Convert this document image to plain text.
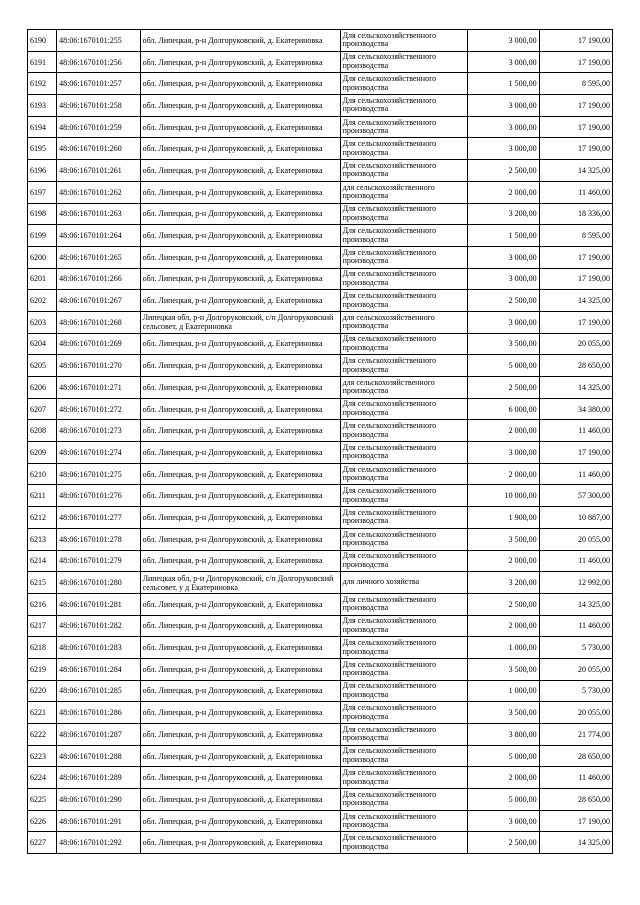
6190	48:06:1670101:255	обл. Липецкая, р-н Долгоруковский, д. Екатериновка	Для сельскохозяйственного производства	3 000,00	17 190,00
6191	48:06:1670101:256	обл. Липецкая, р-н Долгоруковский, д. Екатериновка	Для сельскохозяйственного производства	3 000,00	17 190,00
6192	48:06:1670101:257	обл. Липецкая, р-н Долгоруковский, д. Екатериновка	Для сельскохозяйственного производства	1 500,00	8 595,00
6193	48:06:1670101:258	обл. Липецкая, р-н Долгоруковский, д. Екатериновка	Для сельскохозяйственного производства	3 000,00	17 190,00
6194	48:06:1670101:259	обл. Липецкая, р-н Долгоруковский, д. Екатериновка	Для сельскохозяйственного производства	3 000,00	17 190,00
6195	48:06:1670101:260	обл. Липецкая, р-н Долгоруковский, д. Екатериновка	Для сельскохозяйственного производства	3 000,00	17 190,00
6196	48:06:1670101:261	обл. Липецкая, р-н Долгоруковский, д. Екатериновка	Для сельскохозяйственного производства	2 500,00	14 325,00
6197	48:06:1670101:262	обл. Липецкая, р-н Долгоруковский, д. Екатериновка	для сельскохозяйственного производства	2 000,00	11 460,00
6198	48:06:1670101:263	обл. Липецкая, р-н Долгоруковский, д. Екатериновка	Для сельскохозяйственного производства	3 200,00	18 336,00
6199	48:06:1670101:264	обл. Липецкая, р-н Долгоруковский, д. Екатериновка	Для сельскохозяйственного производства	1 500,00	8 595,00
6200	48:06:1670101:265	обл. Липецкая, р-н Долгоруковский, д. Екатериновка	Для сельскохозяйственного производства	3 000,00	17 190,00
6201	48:06:1670101:266	обл. Липецкая, р-н Долгоруковский, д. Екатериновка	Для сельскохозяйственного производства	3 000,00	17 190,00
6202	48:06:1670101:267	обл. Липецкая, р-н Долгоруковский, д. Екатериновка	Для сельскохозяйственного производства	2 500,00	14 325,00
6203	48:06:1670101:268	Липецкая обл, р-н Долгоруковский, с/п Долгоруковский сельсовет, д Екатериновка	для сельскохозяйственного производства	3 000,00	17 190,00
6204	48:06:1670101:269	обл. Липецкая, р-н Долгоруковский, д. Екатериновка	Для сельскохозяйственного производства	3 500,00	20 055,00
6205	48:06:1670101:270	обл. Липецкая, р-н Долгоруковский, д. Екатериновка	Для сельскохозяйственного производства	5 000,00	28 650,00
6206	48:06:1670101:271	обл. Липецкая, р-н Долгоруковский, д. Екатериновка	для сельскохозяйственного производства	2 500,00	14 325,00
6207	48:06:1670101:272	обл. Липецкая, р-н Долгоруковский, д. Екатериновка	Для сельскохозяйственного производства	6 000,00	34 380,00
6208	48:06:1670101:273	обл. Липецкая, р-н Долгоруковский, д. Екатериновка	Для сельскохозяйственного производства	2 000,00	11 460,00
6209	48:06:1670101:274	обл. Липецкая, р-н Долгоруковский, д. Екатериновка	Для сельскохозяйственного производства	3 000,00	17 190,00
6210	48:06:1670101:275	обл. Липецкая, р-н Долгоруковский, д. Екатериновка	Для сельскохозяйственного производства	2 000,00	11 460,00
6211	48:06:1670101:276	обл. Липецкая, р-н Долгоруковский, д. Екатериновка	Для сельскохозяйственного производства	10 000,00	57 300,00
6212	48:06:1670101:277	обл. Липецкая, р-н Долгоруковский, д. Екатериновка	Для сельскохозяйственного производства	1 900,00	10 887,00
6213	48:06:1670101:278	обл. Липецкая, р-н Долгоруковский, д. Екатериновка	Для сельскохозяйственного производства	3 500,00	20 055,00
6214	48:06:1670101:279	обл. Липецкая, р-н Долгоруковский, д. Екатериновка	Для сельскохозяйственного производства	2 000,00	11 460,00
6215	48:06:1670101:280	Липецкая обл, р-н Долгоруковский, с/п Долгоруковский сельсовет, у д Екатериновка	для личного хозяйства	3 200,00	12 992,00
6216	48:06:1670101:281	обл. Липецкая, р-н Долгоруковский, д. Екатериновка	Для сельскохозяйственного производства	2 500,00	14 325,00
6217	48:06:1670101:282	обл. Липецкая, р-н Долгоруковский, д. Екатериновка	Для сельскохозяйственного производства	2 000,00	11 460,00
6218	48:06:1670101:283	обл. Липецкая, р-н Долгоруковский, д. Екатериновка	Для сельскохозяйственного производства	1 000,00	5 730,00
6219	48:06:1670101:284	обл. Липецкая, р-н Долгоруковский, д. Екатериновка	Для сельскохозяйственного производства	3 500,00	20 055,00
6220	48:06:1670101:285	обл. Липецкая, р-н Долгоруковский, д. Екатериновка	Для сельскохозяйственного производства	1 000,00	5 730,00
6221	48:06:1670101:286	обл. Липецкая, р-н Долгоруковский, д. Екатериновка	Для сельскохозяйственного производства	3 500,00	20 055,00
6222	48:06:1670101:287	обл. Липецкая, р-н Долгоруковский, д. Екатериновка	Для сельскохозяйственного производства	3 800,00	21 774,00
6223	48:06:1670101:288	обл. Липецкая, р-н Долгоруковский, д. Екатериновка	Для сельскохозяйственного производства	5 000,00	28 650,00
6224	48:06:1670101:289	обл. Липецкая, р-н Долгоруковский, д. Екатериновка	Для сельскохозяйственного производства	2 000,00	11 460,00
6225	48:06:1670101:290	обл. Липецкая, р-н Долгоруковский, д. Екатериновка	Для сельскохозяйственного производства	5 000,00	28 650,00
6226	48:06:1670101:291	обл. Липецкая, р-н Долгоруковский, д. Екатериновка	Для сельскохозяйственного производства	3 000,00	17 190,00
6227	48:06:1670101:292	обл. Липецкая, р-н Долгоруковский, д. Екатериновка	Для сельскохозяйственного производства	2 500,00	14 325,00
